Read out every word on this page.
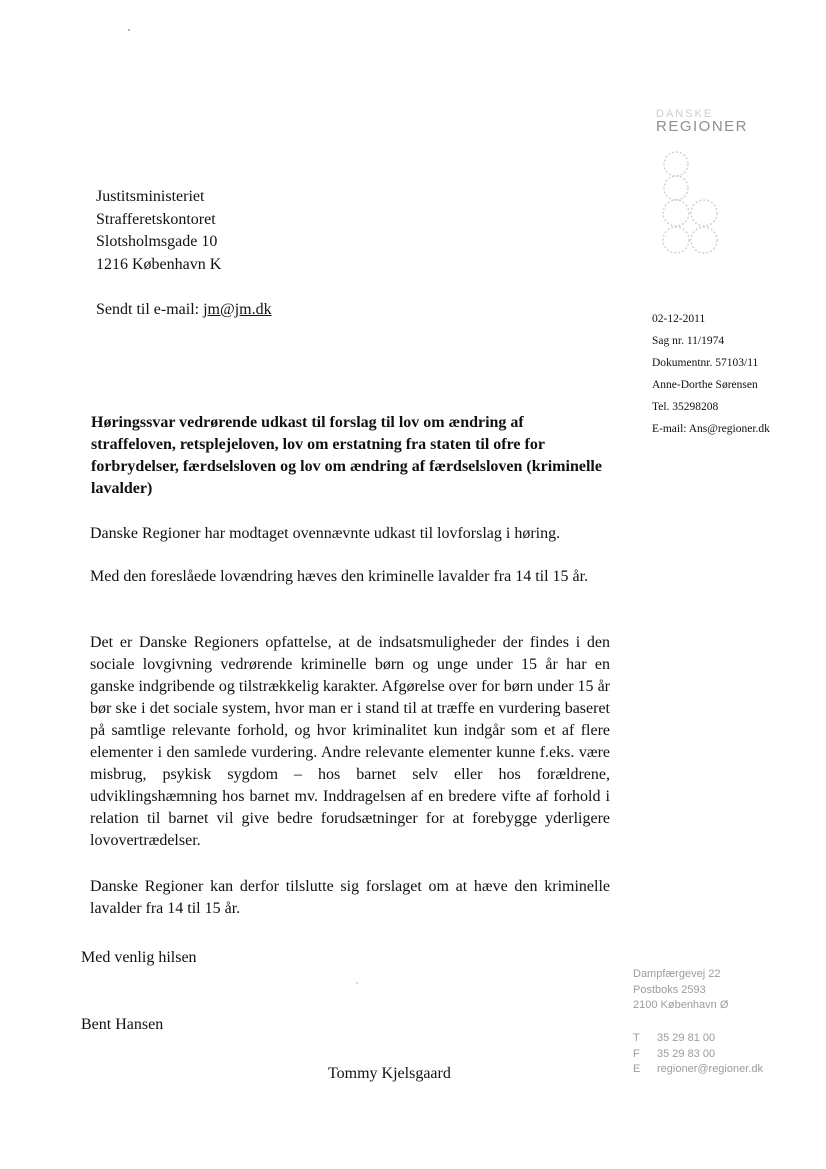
DANSKE
REGIONER
Justitsministeriet
Strafferetskontoret
Slotsholmsgade 10
1216 København K
Sendt til e-mail: jm@jm.dk
02-12-2011
Sag nr. 11/1974
Dokumentnr. 57103/11
Anne-Dorthe Sørensen
Tel. 35298208
E-mail: Ans@regioner.dk
Høringssvar vedrørende udkast til forslag til lov om ændring af straffeloven, retsplejeloven, lov om erstatning fra staten til ofre for forbrydelser, færdselsloven og lov om ændring af færdselsloven (kriminelle lavalder)
Danske Regioner har modtaget ovennævnte udkast til lovforslag i høring.
Med den foreslåede lovændring hæves den kriminelle lavalder fra 14 til 15 år.
Det er Danske Regioners opfattelse, at de indsatsmuligheder der findes i den sociale lovgivning vedrørende kriminelle børn og unge under 15 år har en ganske indgribende og tilstrækkelig karakter. Afgørelse over for børn under 15 år bør ske i det sociale system, hvor man er i stand til at træffe en vurdering baseret på samtlige relevante forhold, og hvor kriminalitet kun indgår som et af flere elementer i den samlede vurdering. Andre relevante elementer kunne f.eks. være misbrug, psykisk sygdom – hos barnet selv eller hos forældrene, udviklingshæmning hos barnet mv. Inddragelsen af en bredere vifte af forhold i relation til barnet vil give bedre forudsætninger for at forebygge yderligere lovovertrædelser.
Danske Regioner kan derfor tilslutte sig forslaget om at hæve den kriminelle lavalder fra 14 til 15 år.
Med venlig hilsen
Bent Hansen
Tommy Kjelsgaard
Dampfærgevej 22
Postboks 2593
2100 København Ø
T 35 29 81 00
F 35 29 83 00
E regioner@regioner.dk
